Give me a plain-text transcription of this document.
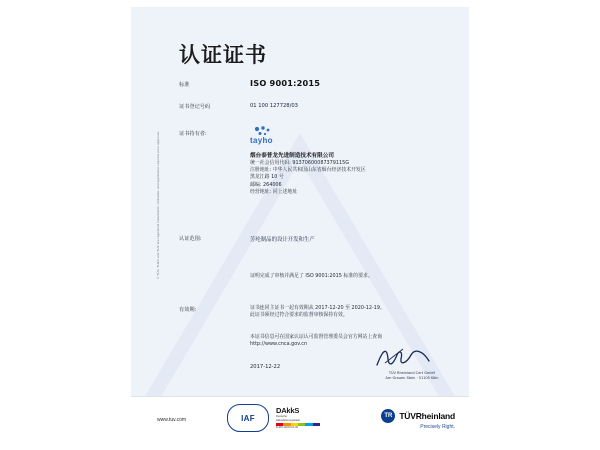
© TÜV, TUEV and TUV are registered trademarks. Utilisation and application requires prior approval.
认证证书
标准	ISO 9001:2015
证书登记号码	01 100 127728/03
证书持有者:
tayho
烟台泰普龙先进制造技术有限公司
统一社会信用代码: 91370600087379115G
注册地址: 中华人民共和国山东省烟台经济技术开发区
黑龙江路 10 号
邮编: 264006
经营地址: 同上述地址
认证范围:	芳纶制品的设计开发和生产
证明完成了审核并满足了 ISO 9001:2015 标准的要求。
有效期:	证书连同主证书一起有效期从 2017-12-20 至 2020-12-19。
此证书须经过符合要求的监督审核保持有效。
本证书信息可在国家认证认可监督管理委员会官方网站上查询
http://www.cnca.gov.cn
2017-12-22
TÜV Rheinland Cert GmbH
Am Grauen Stein · 51105 Köln
www.tuv.com	IAF
DAkkS
Deutsche
Akkreditierungsstelle
D-ZM-14013-01-00
TR TÜVRheinland
Precisely Right.
